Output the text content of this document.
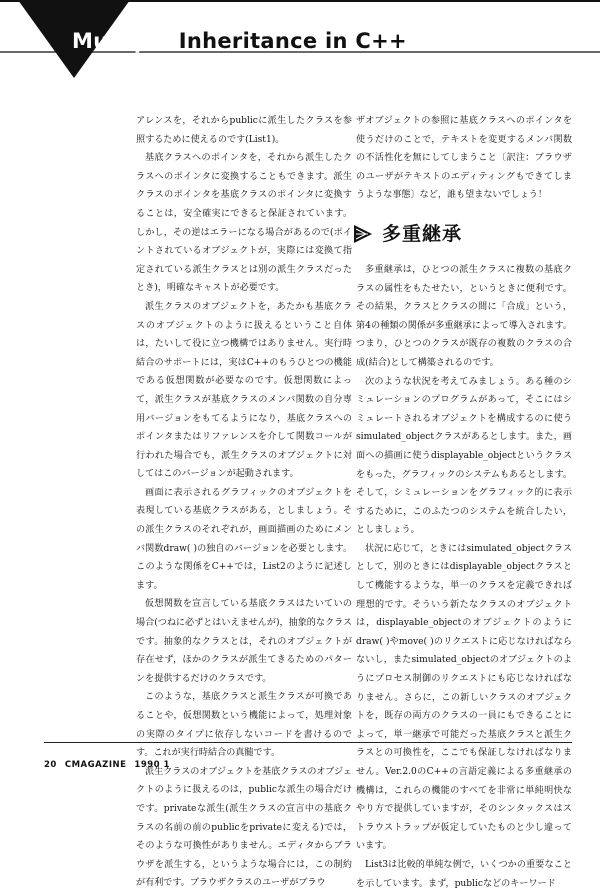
Multiple Inheritance in C++

アレンスを，それからpublicに派生したクラスを参照するために使えるのです(List1)。

基底クラスへのポインタを，それから派生したクラスへのポインタに変換することもできます。派生クラスのポインタを基底クラスのポインタに変換することは，安全確実にできると保証されています。しかし，その逆はエラーになる場合があるので(ポイントされているオブジェクトが，実際には変換て指定されている派生クラスとは別の派生クラスだったとき)，明確なキャストが必要です。

派生クラスのオブジェクトを，あたかも基底クラスのオブジェクトのように扱えるということ自体は，たいして役に立つ機構ではありません。実行時結合のサポートには，実はC++のもうひとつの機能である仮想関数が必要なのです。仮想関数によって，派生クラスが基底クラスのメンバ関数の自分専用バージョンをもてるようになり，基底クラスへのポインタまたはリファレンスを介して関数コールが行われた場合でも，派生クラスのオブジェクトに対してはこのバージョンが起動されます。

画面に表示されるグラフィックのオブジェクトを表現している基底クラスがある，としましょう。その派生クラスのそれぞれが，画面描画のためにメンバ関数draw( )の独自のバージョンを必要とします。このような関係をC++では，List2のように記述します。

仮想関数を宣言している基底クラスはたいていの場合(つねに必ずとはいえませんが)，抽象的なクラスです。抽象的なクラスとは，それのオブジェクトが存在せず，ほかのクラスが派生てきるためのパターンを提供するだけのクラスです。

このような，基底クラスと派生クラスが可換であることや，仮想関数という機能によって，処理対象の実際のタイプに依存しないコードを書けるのです。これが実行時結合の真髄です。

派生クラスのオブジェクトを基底クラスのオブジェクトのように扱えるのは，publicな派生の場合だけです。privateな派生(派生クラスの宣言中の基底クラスの名前の前のpublicをprivateに変える)では，そのような可換性がありません。エディタからブラウザを派生する，というような場合には，この制約が有利です。ブラウザクラスのユーザがブラウ

ザオブジェクトの参照に基底クラスへのポインタを使うだけのことで，テキストを変更するメンバ関数の不活性化を無にしてしまうこと〔訳注：ブラウザのユーザがテキストのエディティングもできてしまうような事態〕など，誰も望まないでしょう！

多重継承

多重継承は，ひとつの派生クラスに複数の基底クラスの属性をもたせたい，というときに便利です。その結果，クラスとクラスの間に「合成」という，第4の種類の関係が多重継承によって導入されます。つまり，ひとつのクラスが既存の複数のクラスの合成(結合)として構築されるのです。

次のような状況を考えてみましょう。ある種のシミュレーションのプログラムがあって，そこにはシミュレートされるオブジェクトを構成するのに使うsimulated_objectクラスがあるとします。また，画面への描画に使うdisplayable_objectというクラスをもった，グラフィックのシステムもあるとします。そして，シミュレーションをグラフィック的に表示するために，このふたつのシステムを統合したい，としましょう。

状況に応じて，ときにはsimulated_objectクラスとして，別のときにはdisplayable_objectクラスとして機能するような，単一のクラスを定義できれば理想的です。そういう新たなクラスのオブジェクトは，displayable_objectのオブジェクトのようにdraw( )やmove( )のリクエストに応じなければならないし，またsimulated_objectのオブジェクトのようにプロセス制御のリクエストにも応じなければなりません。さらに，この新しいクラスのオブジェクトを，既存の両方のクラスの一員にもできることによって，単一継承で可能だった基底クラスと派生クラスとの可換性を，ここでも保証しなければなりません。Ver.2.0のC++の言語定義による多重継承の機構は，これらの機能のすべてを非常に単純明快なやり方で提供していますが，そのシンタックスはストラウストラップが仮定していたものと少し違っています。

List3は比較的単純な例で，いくつかの重要なことを示しています。まず，publicなどのキーワード

20 CMAGAZINE 1990 1
